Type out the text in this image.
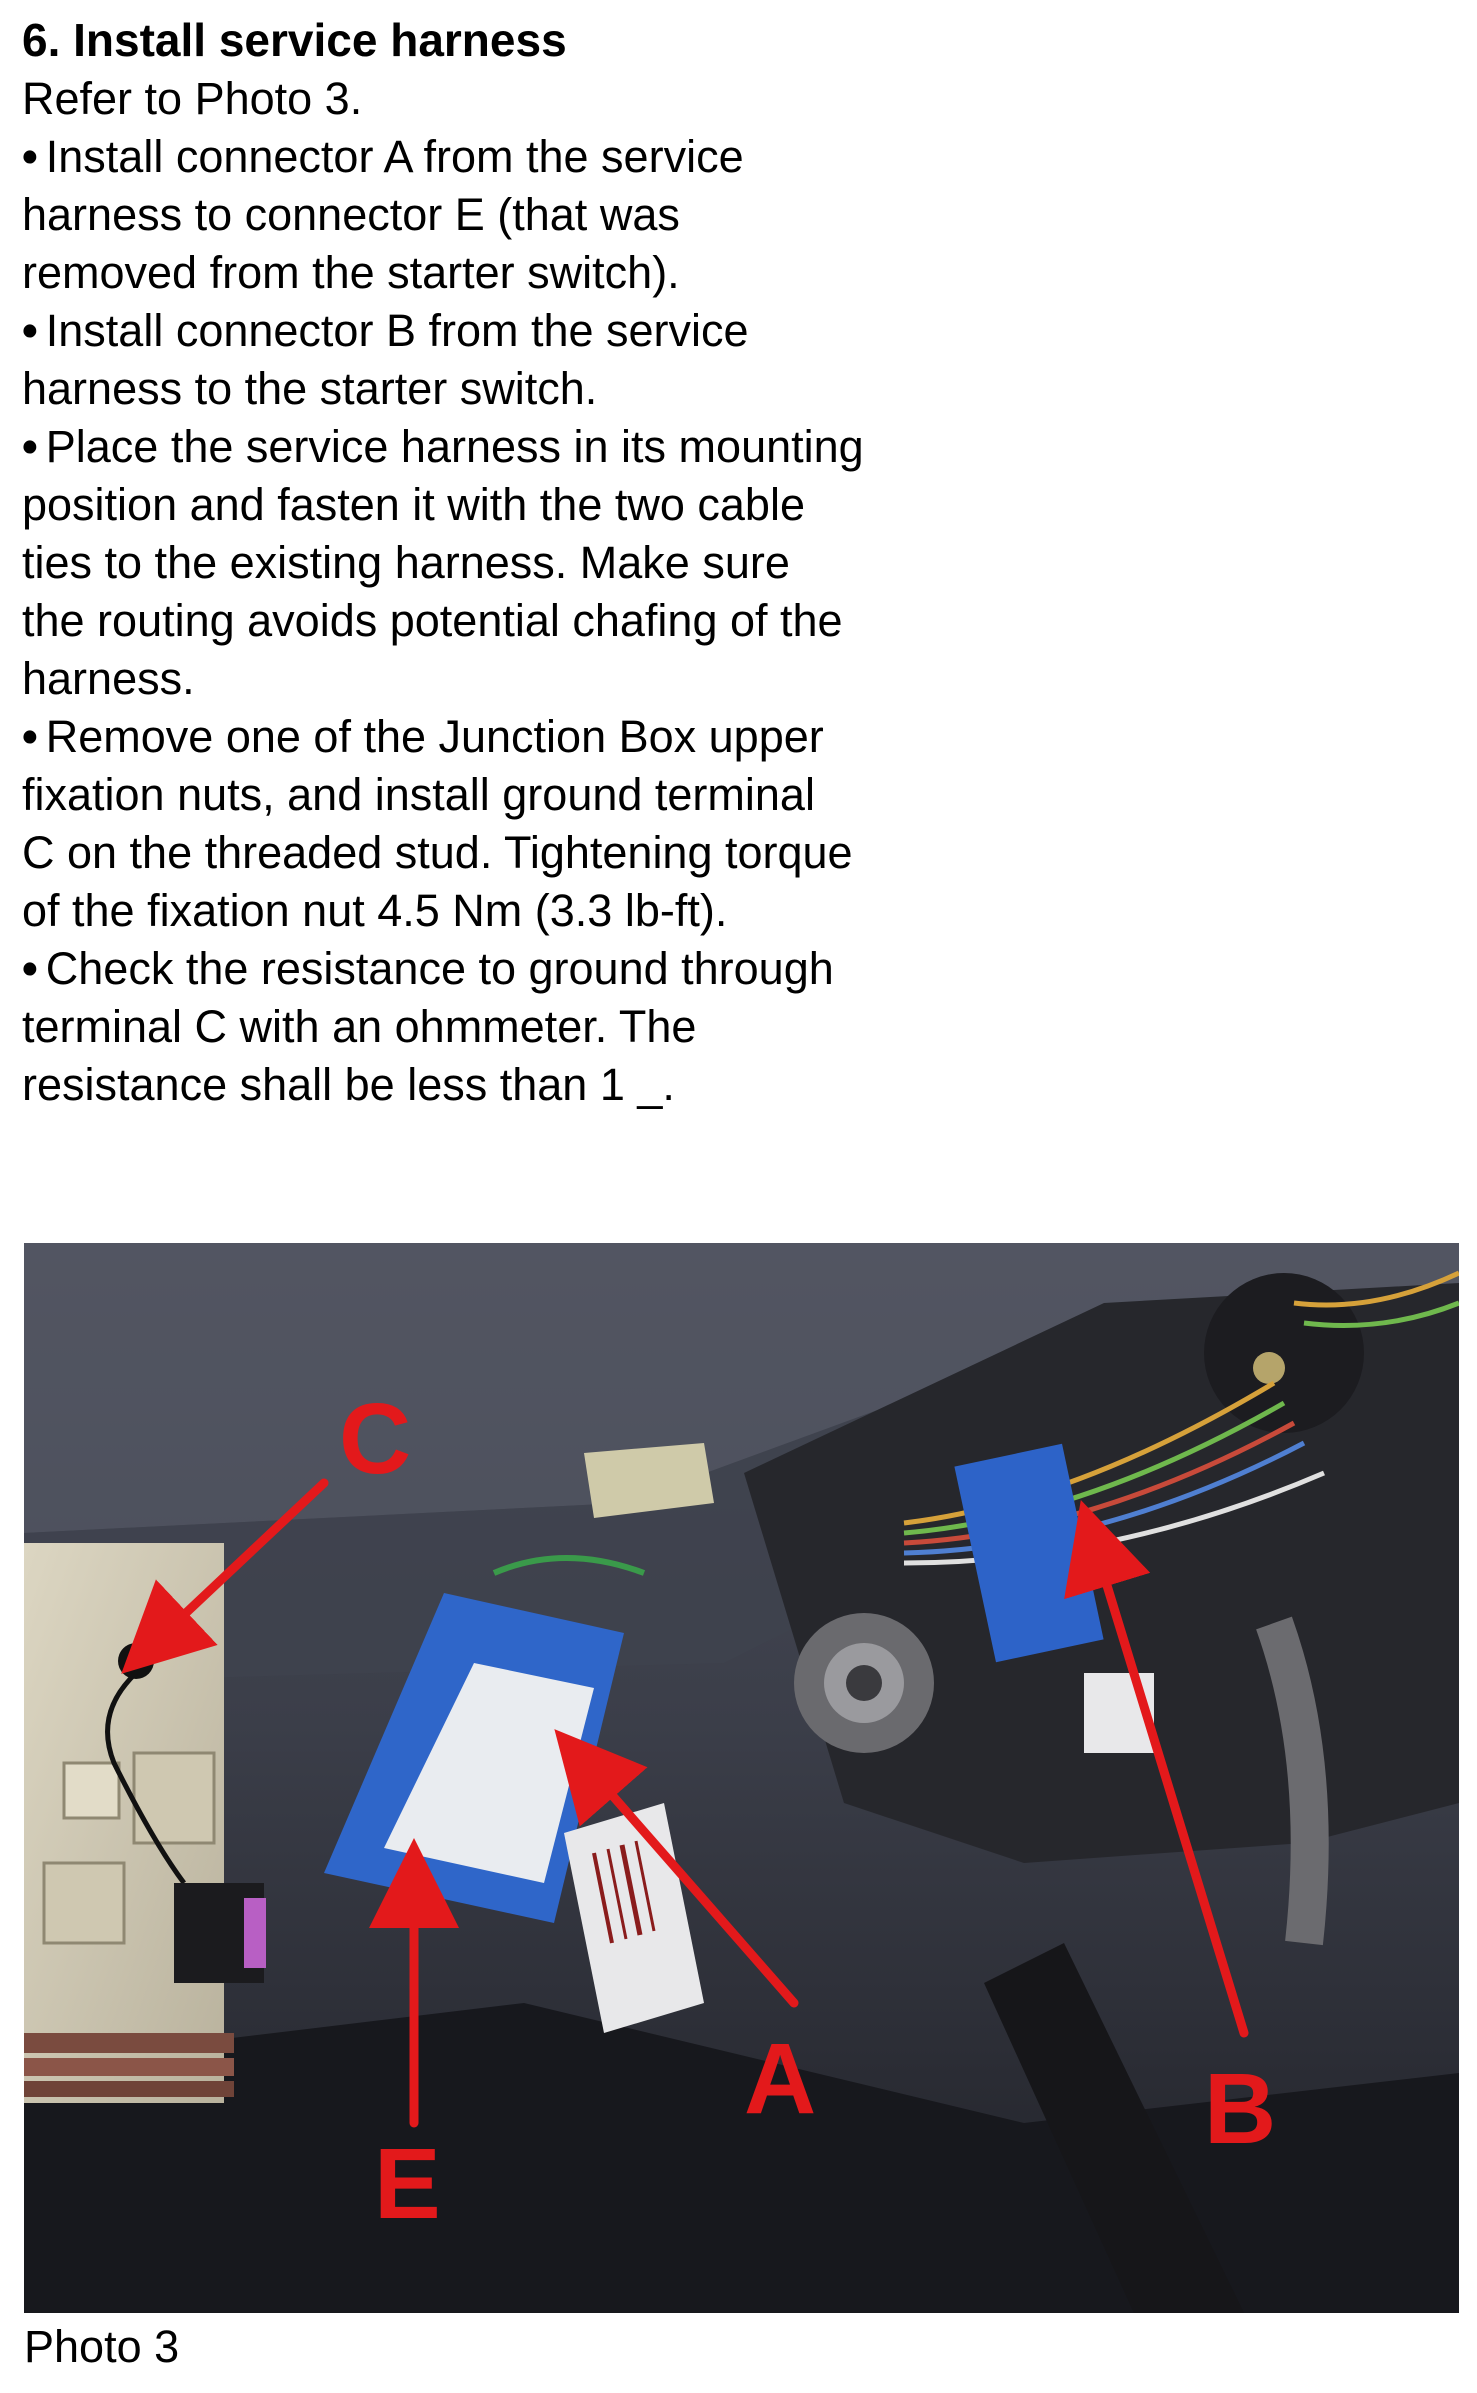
6. Install service harness

Refer to Photo 3.

• Install connector A from the service

harness to connector E (that was

removed from the starter switch).

• Install connector B from the service

harness to the starter switch.

• Place the service harness in its mounting

position and fasten it with the two cable

ties to the existing harness. Make sure

the routing avoids potential chafing of the

harness.

• Remove one of the Junction Box upper

fixation nuts, and install ground terminal

C on the threaded stud. Tightening torque

of the fixation nut 4.5 Nm (3.3 lb-ft).

• Check the resistance to ground through

terminal C with an ohmmeter. The

resistance shall be less than 1 _.

C
A	B
E

Photo 3
